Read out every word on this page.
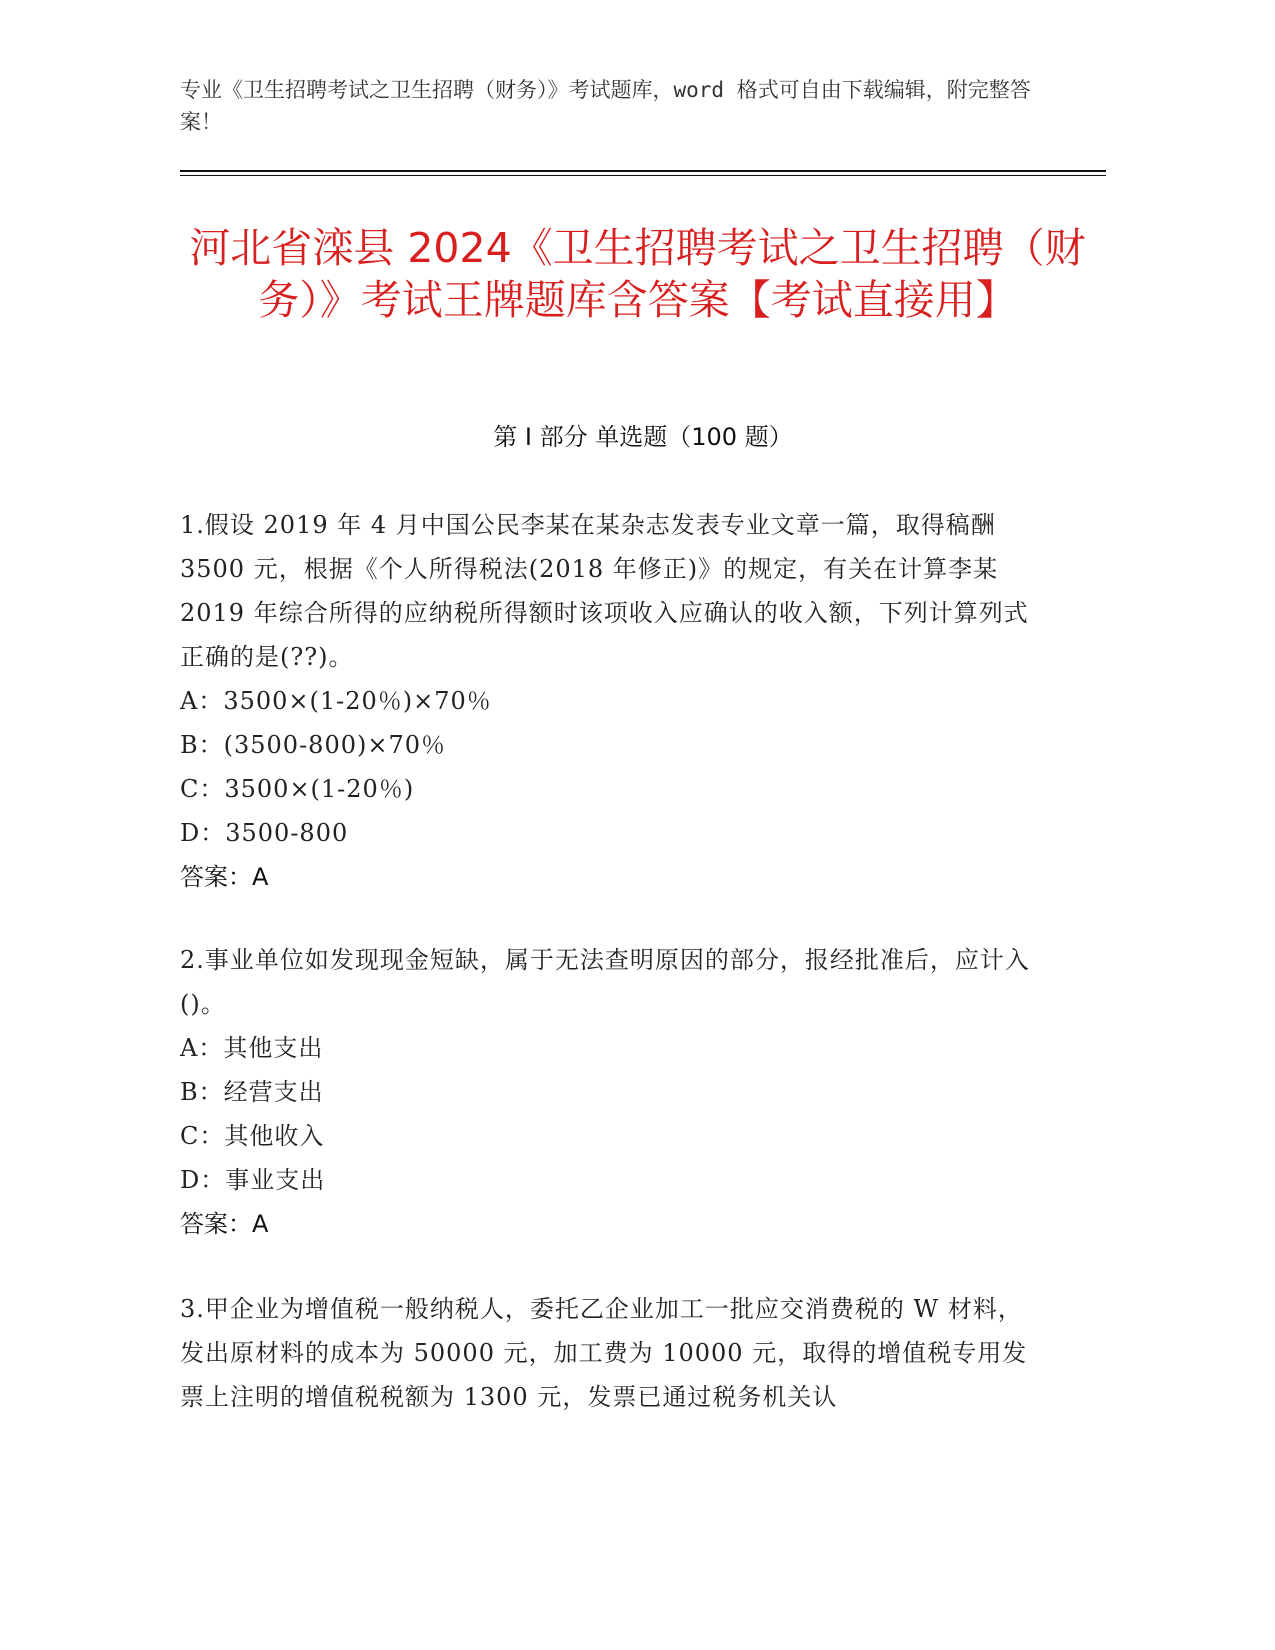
专业《卫生招聘考试之卫生招聘（财务）》考试题库，word 格式可自由下载编辑，附完整答案！
河北省滦县 2024《卫生招聘考试之卫生招聘（财务）》考试王牌题库含答案【考试直接用】
第 I 部分 单选题（100 题）
1.假设 2019 年 4 月中国公民李某在某杂志发表专业文章一篇，取得稿酬 3500 元，根据《个人所得税法(2018 年修正)》的规定，有关在计算李某 2019 年综合所得的应纳税所得额时该项收入应确认的收入额，下列计算列式正确的是(??)。
A：3500×(1-20％)×70％
B：(3500-800)×70％
C：3500×(1-20％)
D：3500-800
答案：A
2.事业单位如发现现金短缺，属于无法查明原因的部分，报经批准后，应计入()。
A：其他支出
B：经营支出
C：其他收入
D：事业支出
答案：A
3.甲企业为增值税一般纳税人，委托乙企业加工一批应交消费税的 W 材料，发出原材料的成本为 50000 元，加工费为 10000 元，取得的增值税专用发票上注明的增值税税额为 1300 元，发票已通过税务机关认
